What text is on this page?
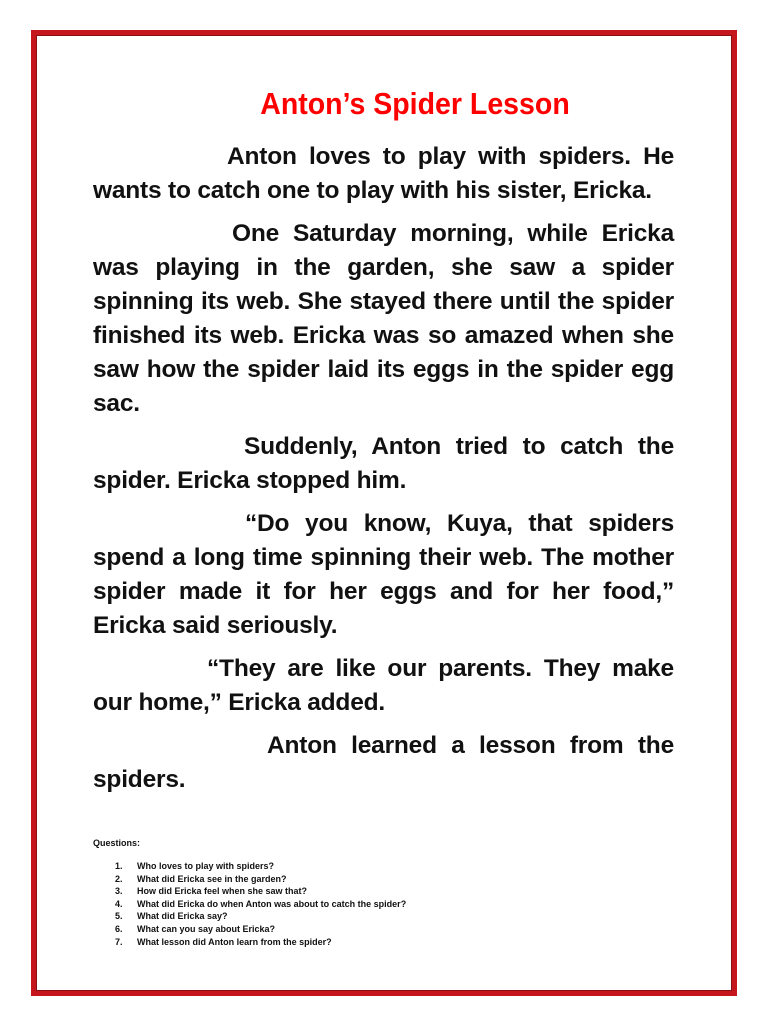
Anton’s Spider Lesson

Anton loves to play with spiders. He wants to catch one to play with his sister, Ericka.

One Saturday morning, while Ericka was playing in the garden, she saw a spider spinning its web. She stayed there until the spider finished its web. Ericka was so amazed when she saw how the spider laid its eggs in the spider egg sac.

Suddenly, Anton tried to catch the spider. Ericka stopped him.

“Do you know, Kuya, that spiders spend a long time spinning their web. The mother spider made it for her eggs and for her food,” Ericka said seriously.

“They are like our parents. They make our home,” Ericka added.

Anton learned a lesson from the spiders.

Questions:
1.	Who loves to play with spiders?
2.	What did Ericka see in the garden?
3.	How did Ericka feel when she saw that?
4.	What did Ericka do when Anton was about to catch the spider?
5.	What did Ericka say?
6.	What can you say about Ericka?
7.	What lesson did Anton learn from the spider?
